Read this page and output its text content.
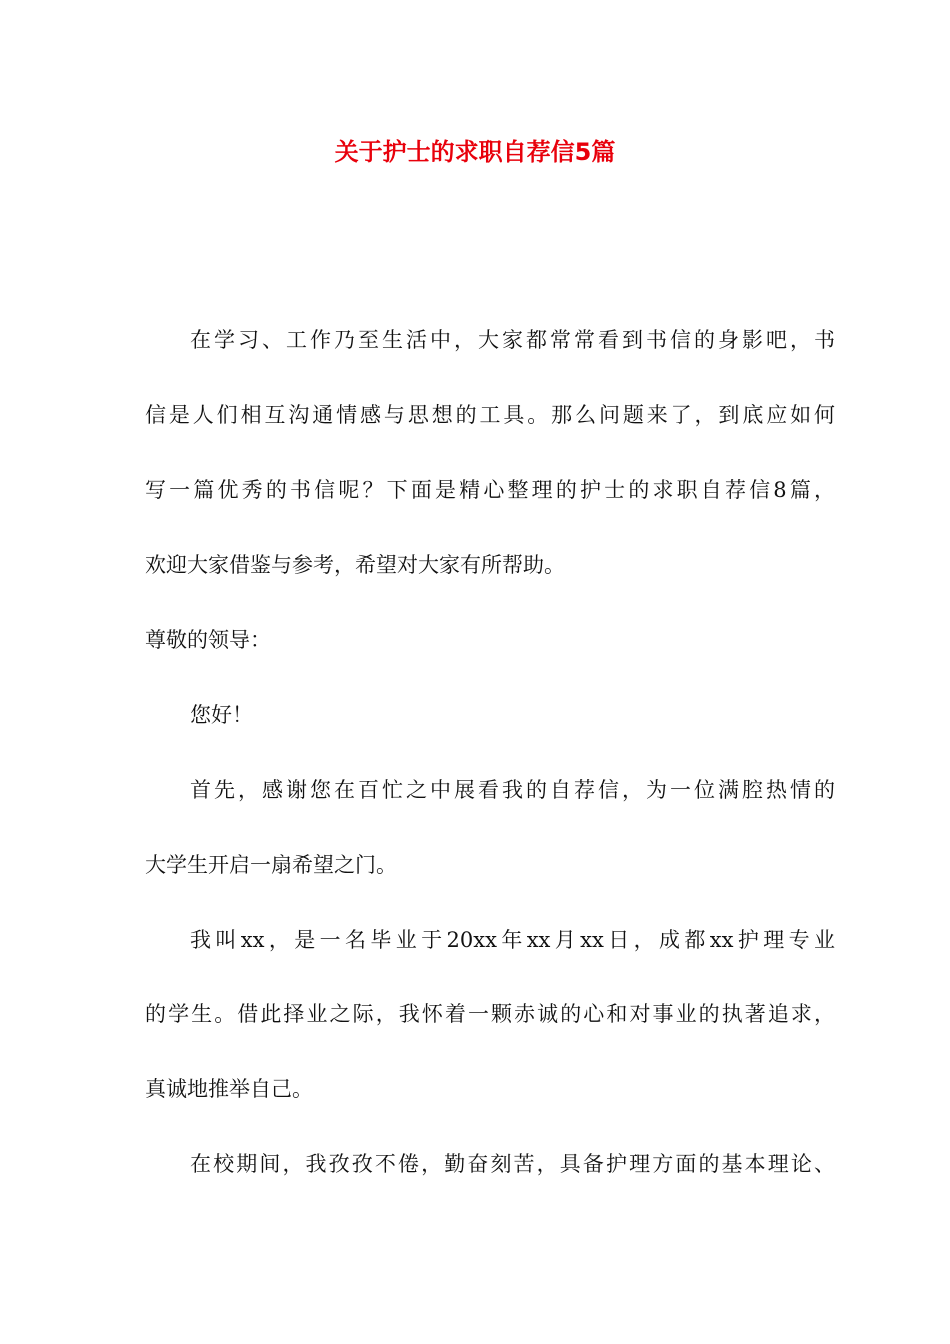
关于护士的求职自荐信5篇

在学习、工作乃至生活中，大家都常常看到书信的身影吧，书

信是人们相互沟通情感与思想的工具。那么问题来了，到底应如何

写一篇优秀的书信呢？下面是精心整理的护士的求职自荐信8篇，

欢迎大家借鉴与参考，希望对大家有所帮助。

尊敬的领导：

您好！

首先，感谢您在百忙之中展看我的自荐信，为一位满腔热情的

大学生开启一扇希望之门。

我叫xx，是一名毕业于20xx年xx月xx日，成都xx护理专业

的学生。借此择业之际，我怀着一颗赤诚的心和对事业的执著追求，

真诚地推举自己。

在校期间，我孜孜不倦，勤奋刻苦，具备护理方面的基本理论、
